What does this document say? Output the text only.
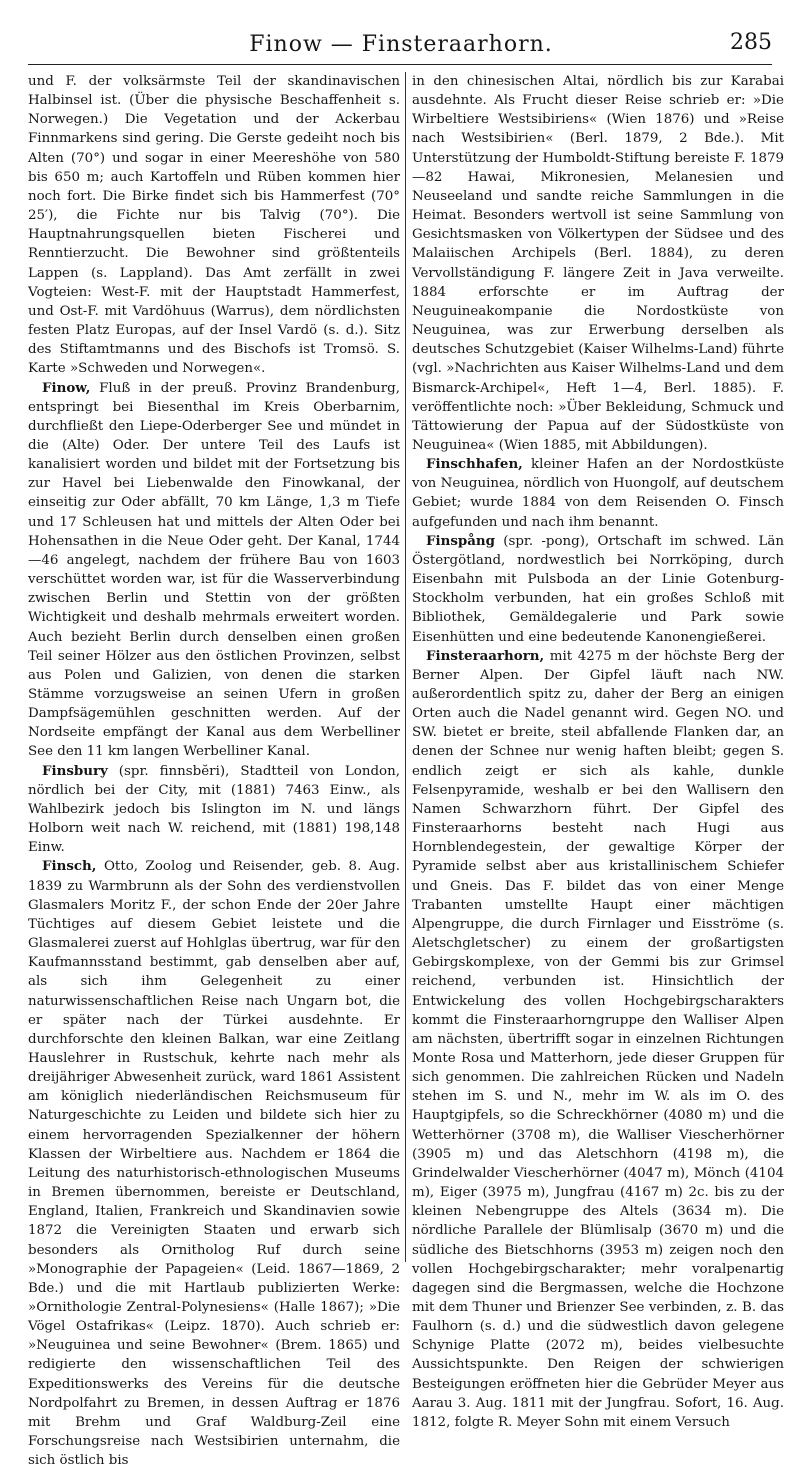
Finow — Finsteraarhorn.	285

und F. der volksärmste Teil der skandinavischen Halbinsel ist. (Über die physische Beschaffenheit s. Norwegen.) Die Vegetation und der Ackerbau Finnmarkens sind gering. Die Gerste gedeiht noch bis Alten (70°) und sogar in einer Meereshöhe von 580 bis 650 m; auch Kartoffeln und Rüben kommen hier noch fort. Die Birke findet sich bis Hammerfest (70° 25′), die Fichte nur bis Talvig (70°). Die Hauptnahrungsquellen bieten Fischerei und Renntierzucht. Die Bewohner sind größtenteils Lappen (s. Lappland). Das Amt zerfällt in zwei Vogteien: West-F. mit der Hauptstadt Hammerfest, und Ost-F. mit Vardöhuus (Warrus), dem nördlichsten festen Platz Europas, auf der Insel Vardö (s. d.). Sitz des Stiftamtmanns und des Bischofs ist Tromsö. S. Karte »Schweden und Norwegen«.

Finow, Fluß in der preuß. Provinz Brandenburg, entspringt bei Biesenthal im Kreis Oberbarnim, durchfließt den Liepe-Oderberger See und mündet in die (Alte) Oder. Der untere Teil des Laufs ist kanalisiert worden und bildet mit der Fortsetzung bis zur Havel bei Liebenwalde den Finowkanal, der einseitig zur Oder abfällt, 70 km Länge, 1,3 m Tiefe und 17 Schleusen hat und mittels der Alten Oder bei Hohensathen in die Neue Oder geht. Der Kanal, 1744—46 angelegt, nachdem der frühere Bau von 1603 verschüttet worden war, ist für die Wasserverbindung zwischen Berlin und Stettin von der größten Wichtigkeit und deshalb mehrmals erweitert worden. Auch bezieht Berlin durch denselben einen großen Teil seiner Hölzer aus den östlichen Provinzen, selbst aus Polen und Galizien, von denen die starken Stämme vorzugsweise an seinen Ufern in großen Dampfsägemühlen geschnitten werden. Auf der Nordseite empfängt der Kanal aus dem Werbelliner See den 11 km langen Werbelliner Kanal.

Finsbury (spr. finnsbĕri), Stadtteil von London, nördlich bei der City, mit (1881) 7463 Einw., als Wahlbezirk jedoch bis Islington im N. und längs Holborn weit nach W. reichend, mit (1881) 198,148 Einw.

Finsch, Otto, Zoolog und Reisender, geb. 8. Aug. 1839 zu Warmbrunn als der Sohn des verdienstvollen Glasmalers Moritz F., der schon Ende der 20er Jahre Tüchtiges auf diesem Gebiet leistete und die Glasmalerei zuerst auf Hohlglas übertrug, war für den Kaufmannsstand bestimmt, gab denselben aber auf, als sich ihm Gelegenheit zu einer naturwissenschaftlichen Reise nach Ungarn bot, die er später nach der Türkei ausdehnte. Er durchforschte den kleinen Balkan, war eine Zeitlang Hauslehrer in Rustschuk, kehrte nach mehr als dreijähriger Abwesenheit zurück, ward 1861 Assistent am königlich niederländischen Reichsmuseum für Naturgeschichte zu Leiden und bildete sich hier zu einem hervorragenden Spezialkenner der höhern Klassen der Wirbeltiere aus. Nachdem er 1864 die Leitung des naturhistorisch-ethnologischen Museums in Bremen übernommen, bereiste er Deutschland, England, Italien, Frankreich und Skandinavien sowie 1872 die Vereinigten Staaten und erwarb sich besonders als Ornitholog Ruf durch seine »Monographie der Papageien« (Leid. 1867—1869, 2 Bde.) und die mit Hartlaub publizierten Werke: »Ornithologie Zentral-Polynesiens« (Halle 1867); »Die Vögel Ostafrikas« (Leipz. 1870). Auch schrieb er: »Neuguinea und seine Bewohner« (Brem. 1865) und redigierte den wissenschaftlichen Teil des Expeditionswerks des Vereins für die deutsche Nordpolfahrt zu Bremen, in dessen Auftrag er 1876 mit Brehm und Graf Waldburg-Zeil eine Forschungsreise nach Westsibirien unternahm, die sich östlich bis

in den chinesischen Altai, nördlich bis zur Karabai ausdehnte. Als Frucht dieser Reise schrieb er: »Die Wirbeltiere Westsibiriens« (Wien 1876) und »Reise nach Westsibirien« (Berl. 1879, 2 Bde.). Mit Unterstützung der Humboldt-Stiftung bereiste F. 1879—82 Hawai, Mikronesien, Melanesien und Neuseeland und sandte reiche Sammlungen in die Heimat. Besonders wertvoll ist seine Sammlung von Gesichtsmasken von Völkertypen der Südsee und des Malaiischen Archipels (Berl. 1884), zu deren Vervollständigung F. längere Zeit in Java verweilte. 1884 erforschte er im Auftrag der Neuguineakompanie die Nordostküste von Neuguinea, was zur Erwerbung derselben als deutsches Schutzgebiet (Kaiser Wilhelms-Land) führte (vgl. »Nachrichten aus Kaiser Wilhelms-Land und dem Bismarck-Archipel«, Heft 1—4, Berl. 1885). F. veröffentlichte noch: »Über Bekleidung, Schmuck und Tättowierung der Papua auf der Südostküste von Neuguinea« (Wien 1885, mit Abbildungen).

Finschhafen, kleiner Hafen an der Nordostküste von Neuguinea, nördlich von Huongolf, auf deutschem Gebiet; wurde 1884 von dem Reisenden O. Finsch aufgefunden und nach ihm benannt.

Finspång (spr. -pong), Ortschaft im schwed. Län Östergötland, nordwestlich bei Norrköping, durch Eisenbahn mit Pulsboda an der Linie Gotenburg-Stockholm verbunden, hat ein großes Schloß mit Bibliothek, Gemäldegalerie und Park sowie Eisenhütten und eine bedeutende Kanonengießerei.

Finsteraarhorn, mit 4275 m der höchste Berg der Berner Alpen. Der Gipfel läuft nach NW. außerordentlich spitz zu, daher der Berg an einigen Orten auch die Nadel genannt wird. Gegen NO. und SW. bietet er breite, steil abfallende Flanken dar, an denen der Schnee nur wenig haften bleibt; gegen S. endlich zeigt er sich als kahle, dunkle Felsenpyramide, weshalb er bei den Wallisern den Namen Schwarzhorn führt. Der Gipfel des Finsteraarhorns besteht nach Hugi aus Hornblendegestein, der gewaltige Körper der Pyramide selbst aber aus kristallinischem Schiefer und Gneis. Das F. bildet das von einer Menge Trabanten umstellte Haupt einer mächtigen Alpengruppe, die durch Firnlager und Eisströme (s. Aletschgletscher) zu einem der großartigsten Gebirgskomplexe, von der Gemmi bis zur Grimsel reichend, verbunden ist. Hinsichtlich der Entwickelung des vollen Hochgebirgscharakters kommt die Finsteraarhorngruppe den Walliser Alpen am nächsten, übertrifft sogar in einzelnen Richtungen Monte Rosa und Matterhorn, jede dieser Gruppen für sich genommen. Die zahlreichen Rücken und Nadeln stehen im S. und N., mehr im W. als im O. des Hauptgipfels, so die Schreckhörner (4080 m) und die Wetterhörner (3708 m), die Walliser Viescherhörner (3905 m) und das Aletschhorn (4198 m), die Grindelwalder Viescherhörner (4047 m), Mönch (4104 m), Eiger (3975 m), Jungfrau (4167 m) 2c. bis zu der kleinen Nebengruppe des Altels (3634 m). Die nördliche Parallele der Blümlisalp (3670 m) und die südliche des Bietschhorns (3953 m) zeigen noch den vollen Hochgebirgscharakter; mehr voralpenartig dagegen sind die Bergmassen, welche die Hochzone mit dem Thuner und Brienzer See verbinden, z. B. das Faulhorn (s. d.) und die südwestlich davon gelegene Schynige Platte (2072 m), beides vielbesuchte Aussichtspunkte. Den Reigen der schwierigen Besteigungen eröffneten hier die Gebrüder Meyer aus Aarau 3. Aug. 1811 mit der Jungfrau. Sofort, 16. Aug. 1812, folgte R. Meyer Sohn mit einem Versuch
